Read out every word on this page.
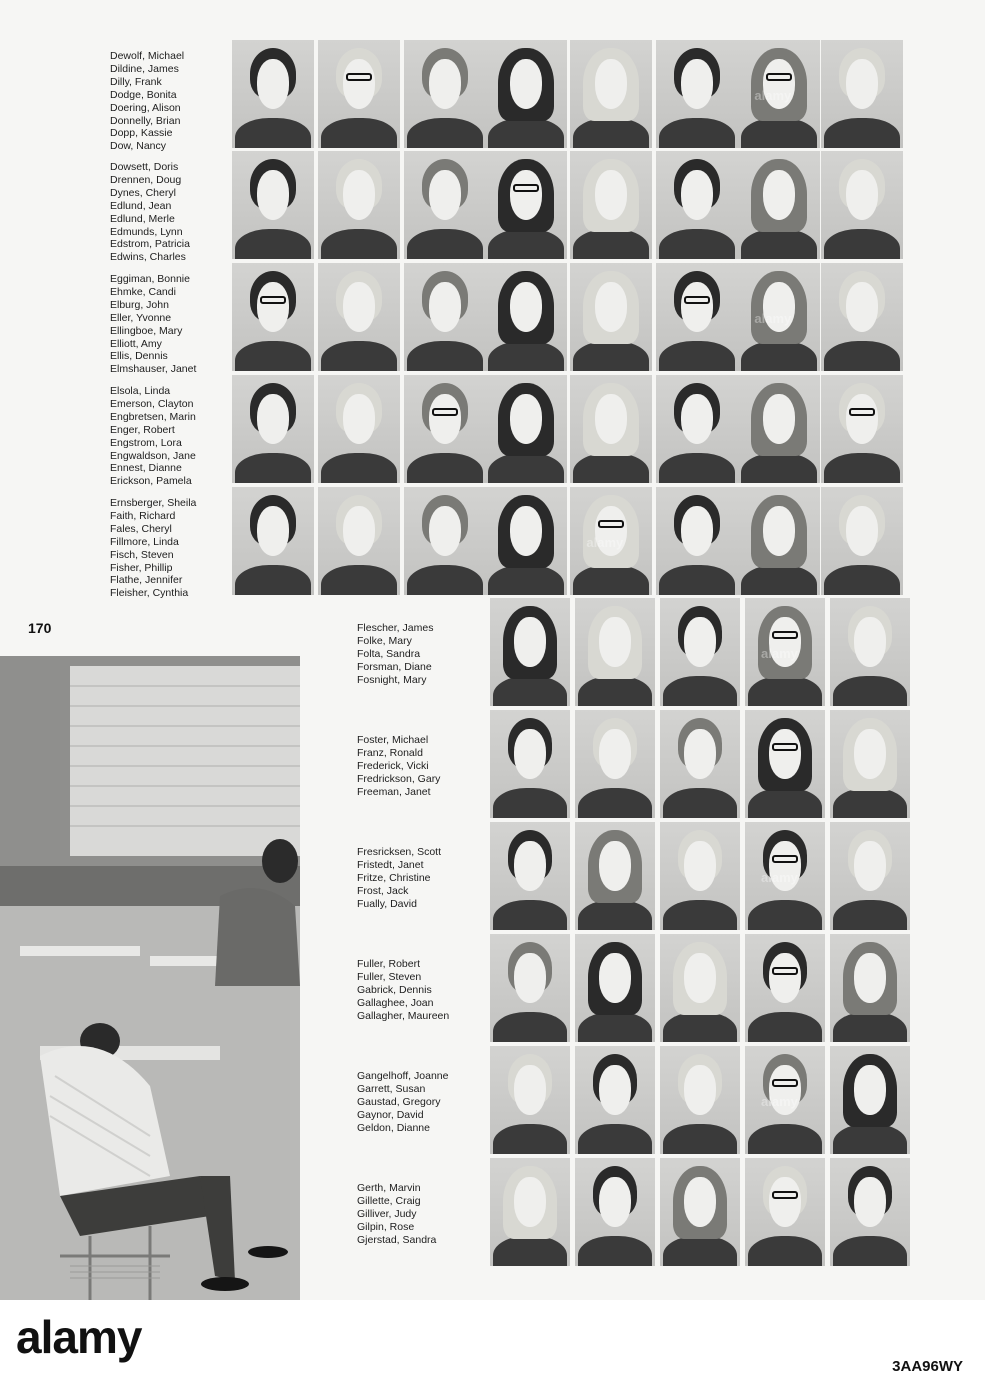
Dewolf, Michael
Dildine, James
Dilly, Frank
Dodge, Bonita
Doering, Alison
Donnelly, Brian
Dopp, Kassie
Dow, Nancy
Dowsett, Doris
Drennen, Doug
Dynes, Cheryl
Edlund, Jean
Edlund, Merle
Edmunds, Lynn
Edstrom, Patricia
Edwins, Charles
Eggiman, Bonnie
Ehmke, Candi
Elburg, John
Eller, Yvonne
Ellingboe, Mary
Elliott, Amy
Ellis, Dennis
Elmshauser, Janet
Elsola, Linda
Emerson, Clayton
Engbretsen, Marin
Enger, Robert
Engstrom, Lora
Engwaldson, Jane
Ennest, Dianne
Erickson, Pamela
Ernsberger, Sheila
Faith, Richard
Fales, Cheryl
Fillmore, Linda
Fisch, Steven
Fisher, Phillip
Flathe, Jennifer
Fleisher, Cynthia
alamy
alamy
alamy
170	Flescher, James
Folke, Mary
Folta, Sandra
Forsman, Diane
Fosnight, Mary
Foster, Michael
Franz, Ronald
Frederick, Vicki
Fredrickson, Gary
Freeman, Janet
Fresricksen, Scott
Fristedt, Janet
Fritze, Christine
Frost, Jack
Fually, David
Fuller, Robert
Fuller, Steven
Gabrick, Dennis
Gallaghee, Joan
Gallagher, Maureen
Gangelhoff, Joanne
Garrett, Susan
Gaustad, Gregory
Gaynor, David
Geldon, Dianne
Gerth, Marvin
Gillette, Craig
Gilliver, Judy
Gilpin, Rose
Gjerstad, Sandra
alamy
alamy
alamy
alamy
3AA96WY
